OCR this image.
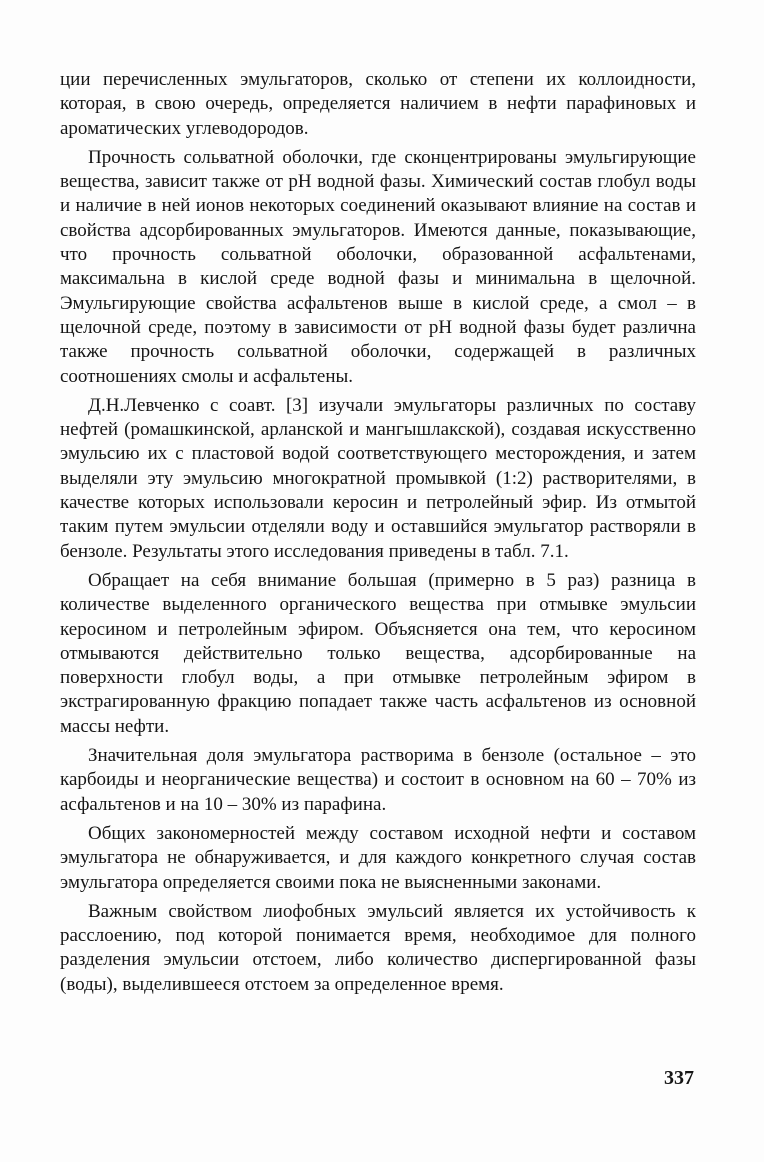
ции перечисленных эмульгаторов, сколько от степени их коллоидности, которая, в свою очередь, определяется наличием в нефти парафиновых и ароматических углеводородов.

Прочность сольватной оболочки, где сконцентрированы эмульгирующие вещества, зависит также от pH водной фазы. Химический состав глобул воды и наличие в ней ионов некоторых соединений оказывают влияние на состав и свойства адсорбированных эмульгаторов. Имеются данные, показывающие, что прочность сольватной оболочки, образованной асфальтенами, максимальна в кислой среде водной фазы и минимальна в щелочной. Эмульгирующие свойства асфальтенов выше в кислой среде, а смол – в щелочной среде, поэтому в зависимости от pH водной фазы будет различна также прочность сольватной оболочки, содержащей в различных соотношениях смолы и асфальтены.

Д.Н.Левченко с соавт. [3] изучали эмульгаторы различных по составу нефтей (ромашкинской, арланской и мангышлакской), создавая искусственно эмульсию их с пластовой водой соответствующего месторождения, и затем выделяли эту эмульсию многократной промывкой (1:2) растворителями, в качестве которых использовали керосин и петролейный эфир. Из отмытой таким путем эмульсии отделяли воду и оставшийся эмульгатор растворяли в бензоле. Результаты этого исследования приведены в табл. 7.1.

Обращает на себя внимание большая (примерно в 5 раз) разница в количестве выделенного органического вещества при отмывке эмульсии керосином и петролейным эфиром. Объясняется она тем, что керосином отмываются действительно только вещества, адсорбированные на поверхности глобул воды, а при отмывке петролейным эфиром в экстрагированную фракцию попадает также часть асфальтенов из основной массы нефти.

Значительная доля эмульгатора растворима в бензоле (остальное – это карбоиды и неорганические вещества) и состоит в основном на 60 – 70% из асфальтенов и на 10 – 30% из парафина.

Общих закономерностей между составом исходной нефти и составом эмульгатора не обнаруживается, и для каждого конкретного случая состав эмульгатора определяется своими пока не выясненными законами.

Важным свойством лиофобных эмульсий является их устойчивость к расслоению, под которой понимается время, необходимое для полного разделения эмульсии отстоем, либо количество диспергированной фазы (воды), выделившееся отстоем за определенное время.

337
